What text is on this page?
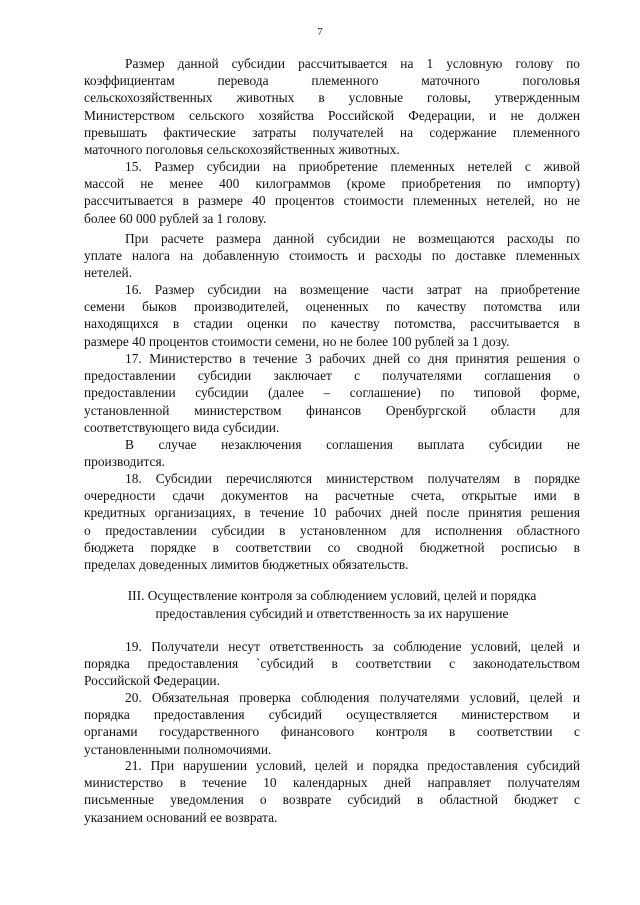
7
Размер данной субсидии рассчитывается на 1 условную голову по
коэффициентам перевода племенного маточного поголовья
сельскохозяйственных животных в условные головы, утвержденным
Министерством сельского хозяйства Российской Федерации, и не должен
превышать фактические затраты получателей на содержание племенного
маточного поголовья сельскохозяйственных животных.
15. Размер субсидии на приобретение племенных нетелей с живой
массой не менее 400 килограммов (кроме приобретения по импорту)
рассчитывается в размере 40 процентов стоимости племенных нетелей, но не
более 60 000 рублей за 1 голову.
При расчете размера данной субсидии не возмещаются расходы по
уплате налога на добавленную стоимость и расходы по доставке племенных
нетелей.
16. Размер субсидии на возмещение части затрат на приобретение
семени быков производителей, оцененных по качеству потомства или
находящихся в стадии оценки по качеству потомства, рассчитывается в
размере 40 процентов стоимости семени, но не более 100 рублей за 1 дозу.
17. Министерство в течение 3 рабочих дней со дня принятия решения о
предоставлении субсидии заключает с получателями соглашения о
предоставлении субсидии (далее – соглашение) по типовой форме,
установленной министерством финансов Оренбургской области для
соответствующего вида субсидии.
В случае незаключения соглашения выплата субсидии не
производится.
18. Субсидии перечисляются министерством получателям в порядке
очередности сдачи документов на расчетные счета, открытые ими в
кредитных организациях, в течение 10 рабочих дней после принятия решения
о предоставлении субсидии в установленном для исполнения областного
бюджета порядке в соответствии со сводной бюджетной росписью в
пределах доведенных лимитов бюджетных обязательств.
19. Получатели несут ответственность за соблюдение условий, целей и
порядка предоставления `субсидий в соответствии с законодательством
Российской Федерации.
20. Обязательная проверка соблюдения получателями условий, целей и
порядка предоставления субсидий осуществляется министерством и
органами государственного финансового контроля в соответствии с
установленными полномочиями.
21. При нарушении условий, целей и порядка предоставления субсидий
министерство в течение 10 календарных дней направляет получателям
письменные уведомления о возврате субсидий в областной бюджет с
указанием оснований ее возврата.
III. Осуществление контроля за соблюдением условий, целей и порядка
предоставления субсидий и ответственность за их нарушение
